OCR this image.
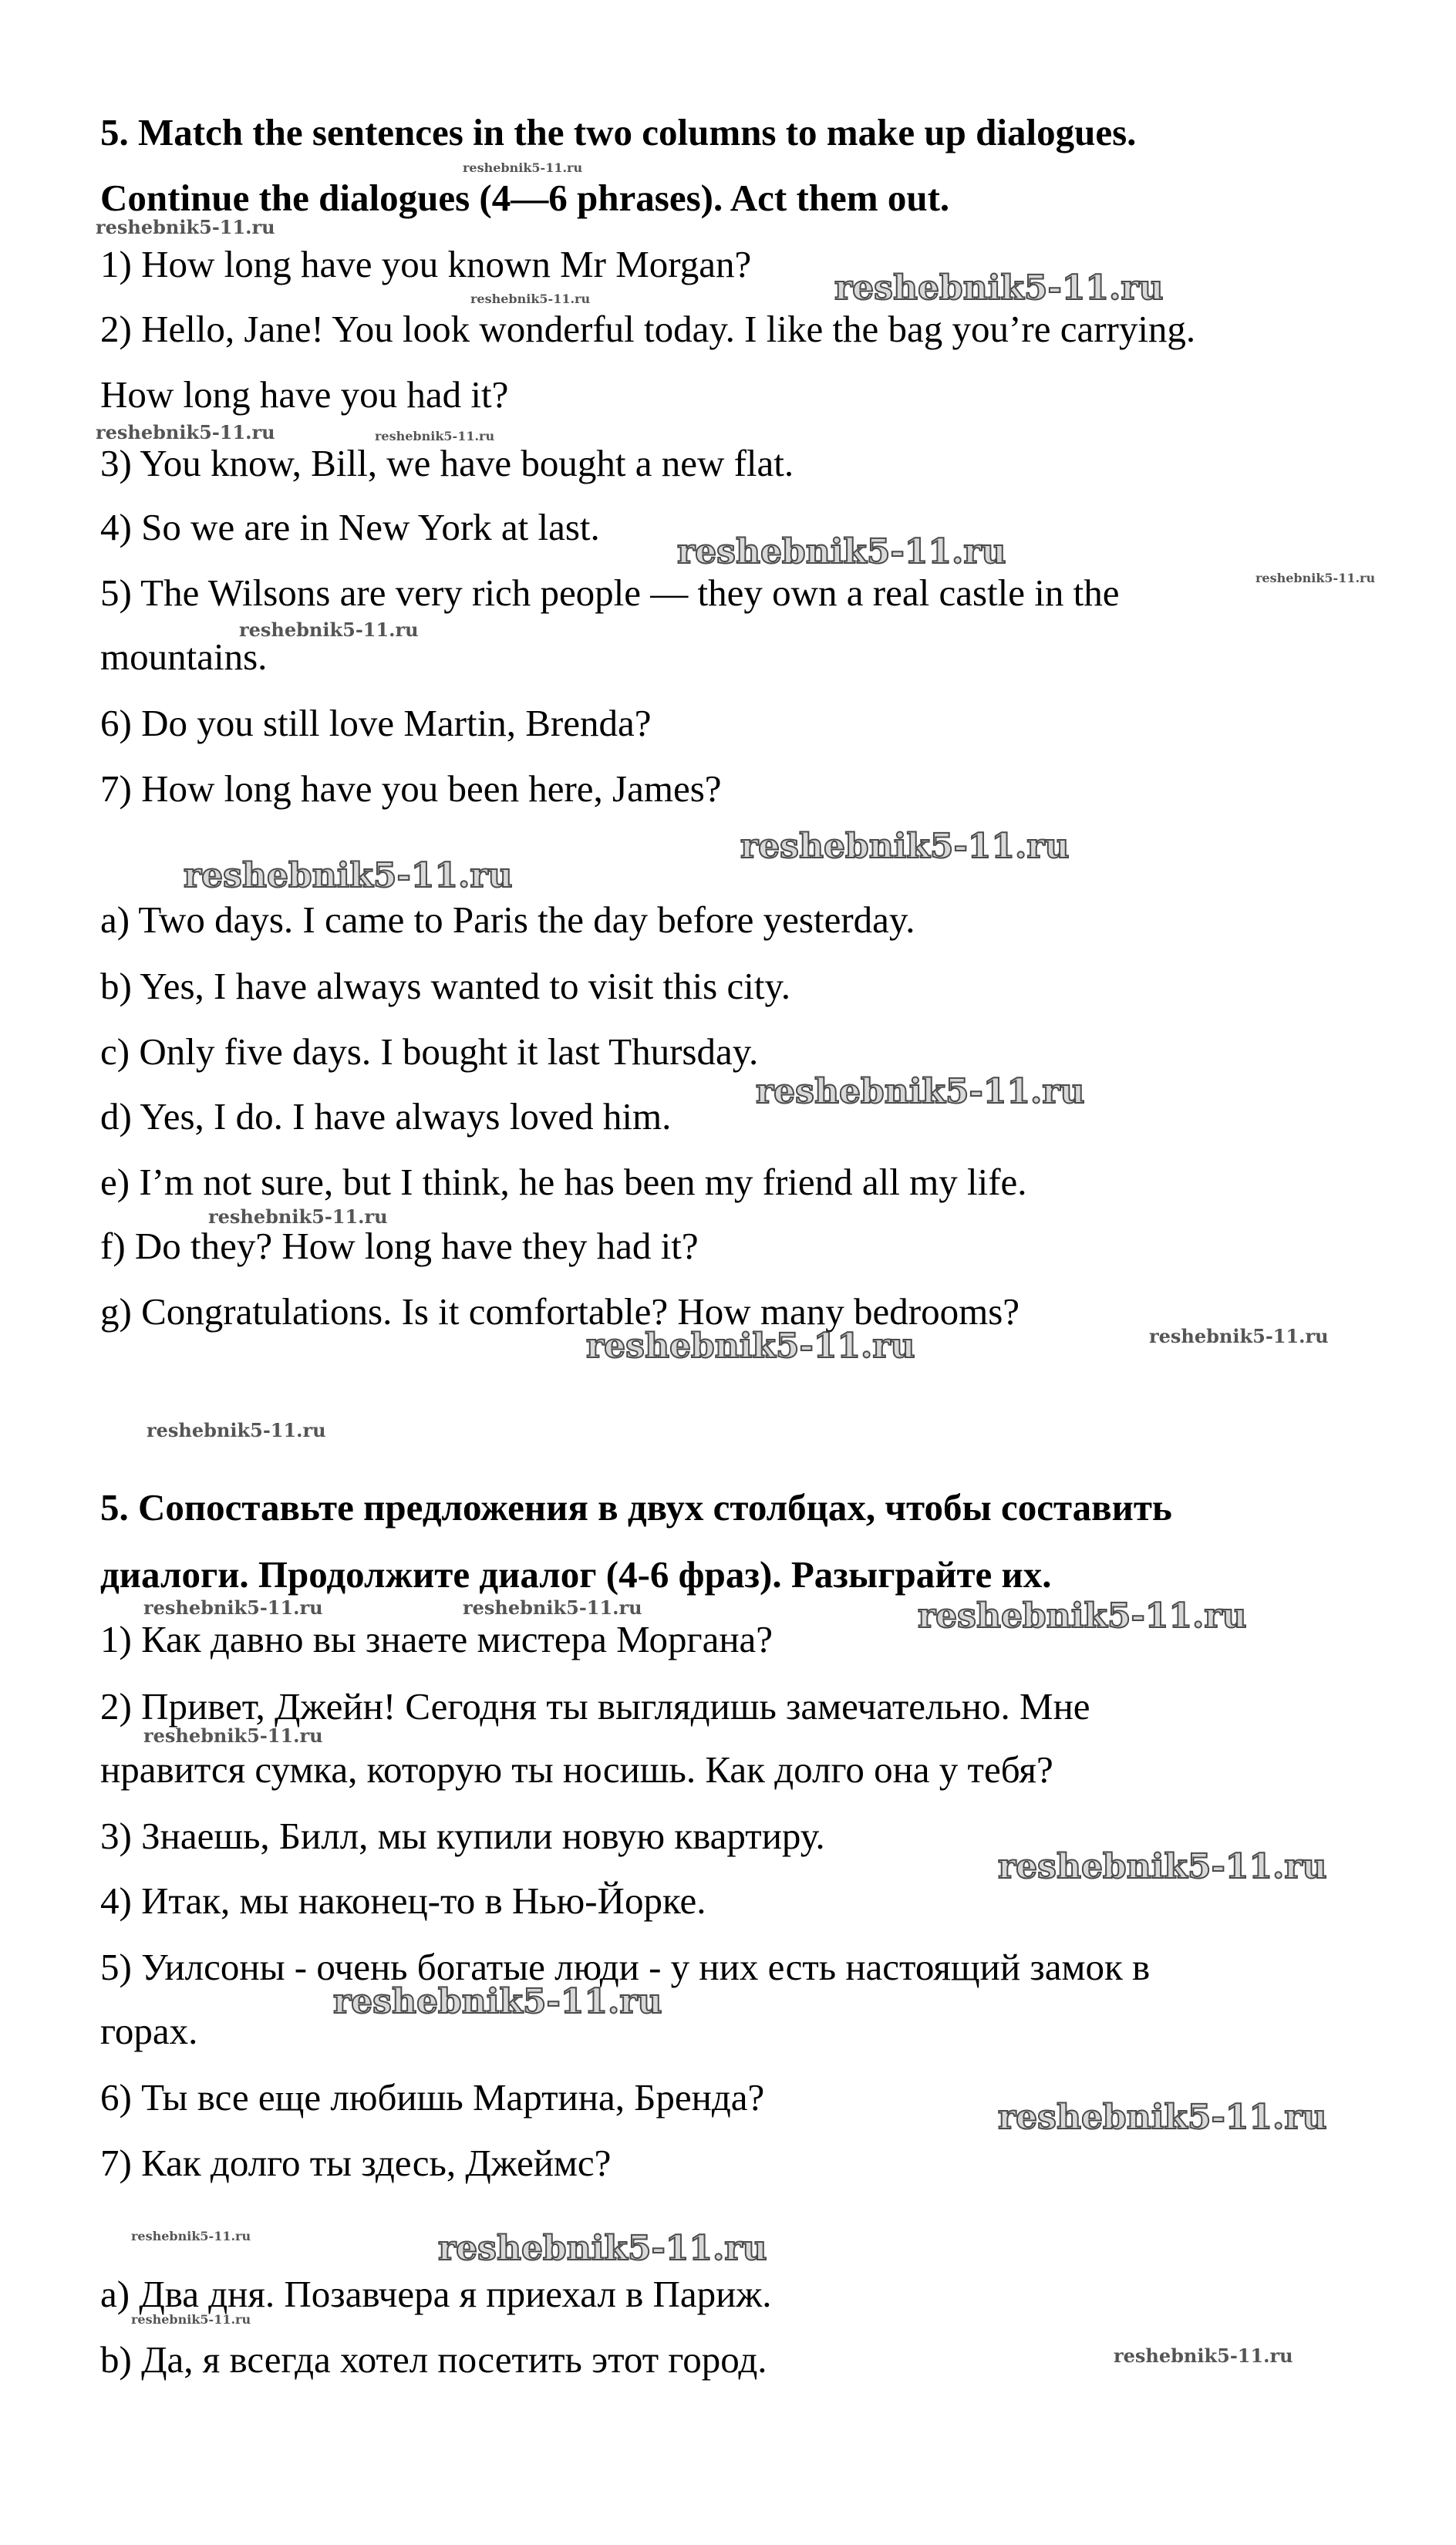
5. Match the sentences in the two columns to make up dialogues.
Continue the dialogues (4—6 phrases). Act them out.
1) How long have you known Mr Morgan?
2) Hello, Jane! You look wonderful today. I like the bag you’re carrying.
How long have you had it?
3) You know, Bill, we have bought a new flat.
4) So we are in New York at last.
5) The Wilsons are very rich people — they own a real castle in the
mountains.
6) Do you still love Martin, Brenda?
7) How long have you been here, James?
a) Two days. I came to Paris the day before yesterday.
b) Yes, I have always wanted to visit this city.
c) Only five days. I bought it last Thursday.
d) Yes, I do. I have always loved him.
e) I’m not sure, but I think, he has been my friend all my life.
f) Do they? How long have they had it?
g) Congratulations. Is it comfortable? How many bedrooms?
5. Сопоставьте предложения в двух столбцах, чтобы составить
диалоги. Продолжите диалог (4-6 фраз). Разыграйте их.
1) Как давно вы знаете мистера Моргана?
2) Привет, Джейн! Сегодня ты выглядишь замечательно. Мне
нравится сумка, которую ты носишь. Как долго она у тебя?
3) Знаешь, Билл, мы купили новую квартиру.
4) Итак, мы наконец-то в Нью-Йорке.
5) Уилсоны - очень богатые люди - у них есть настоящий замок в
горах.
6) Ты все еще любишь Мартина, Бренда?
7) Как долго ты здесь, Джеймс?
a) Два дня. Позавчера я приехал в Париж.
b) Да, я всегда хотел посетить этот город.
reshebnik5-11.ru
reshebnik5-11.ru
reshebnik5-11.ru
reshebnik5-11.ru
reshebnik5-11.ru	reshebnik5-11.ru
reshebnik5-11.ru
reshebnik5-11.ru
reshebnik5-11.ru
reshebnik5-11.ru
reshebnik5-11.ru
reshebnik5-11.ru
reshebnik5-11.ru
reshebnik5-11.ru	reshebnik5-11.ru
reshebnik5-11.ru
reshebnik5-11.ru	reshebnik5-11.ru	reshebnik5-11.ru
reshebnik5-11.ru
reshebnik5-11.ru
reshebnik5-11.ru
reshebnik5-11.ru
reshebnik5-11.ru	reshebnik5-11.ru
reshebnik5-11.ru
reshebnik5-11.ru
